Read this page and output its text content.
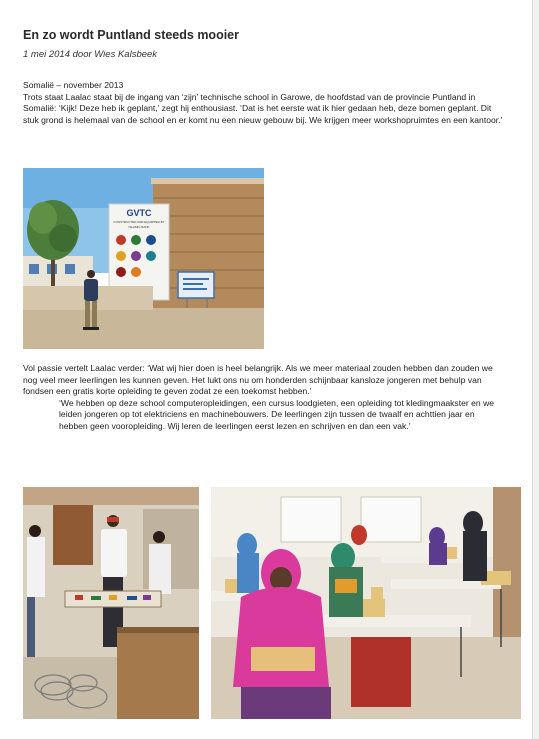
En zo wordt Puntland steeds mooier
1 mei 2014 door Wies Kalsbeek

Somalië – november 2013

Trots staat Laalac staat bij de ingang van ‘zijn’ technische school in Garowe, de hoofdstad van de provincie Puntland in Somalië: ‘Kijk! Deze heb ik geplant,’ zegt hij enthousiast. ‘Dat is het eerste wat ik hier gedaan heb, deze bomen geplant. Dit stuk grond is helemaal van de school en er komt nu een nieuw gebouw bij. We krijgen meer workshopruimtes en een kantoor.’

GVTC
CONSTRUCTED AND EQUIPPED BY
ISLAMIC BANK

Vol passie vertelt Laalac verder: ‘Wat wij hier doen is heel belangrijk. Als we meer materiaal zouden hebben dan zouden we nog veel meer leerlingen les kunnen geven. Het lukt ons nu om honderden schijnbaar kansloze jongeren met behulp van fondsen een gratis korte opleiding te geven zodat ze een toekomst hebben.’

‘We hebben op deze school computeropleidingen, een cursus loodgieten, een opleiding tot kledingmaakster en we leiden jongeren op tot elektriciens en machinebouwers. De leerlingen zijn tussen de twaalf en achttien jaar en hebben geen vooropleiding. Wij leren de leerlingen eerst lezen en schrijven en dan een vak.’
